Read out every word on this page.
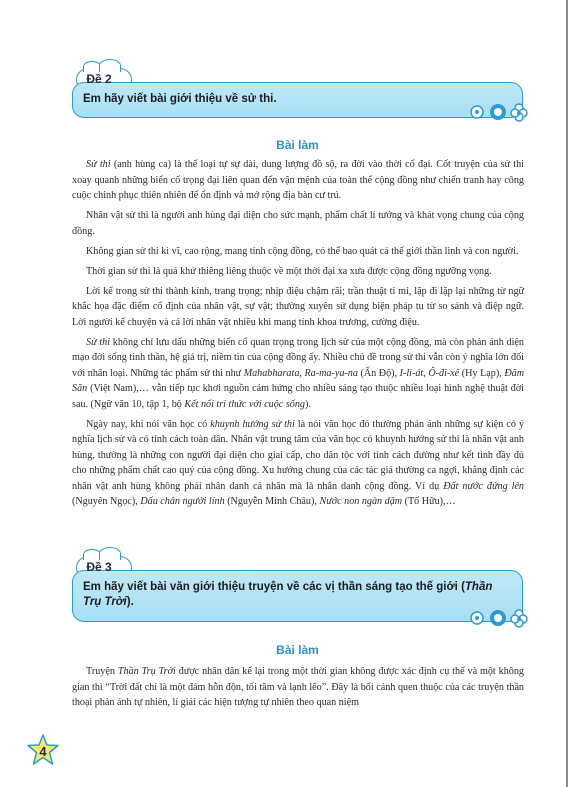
Đề 2
Em hãy viết bài giới thiệu về sử thi.
Bài làm

Sử thi (anh hùng ca) là thể loại tự sự dài, dung lượng đồ sộ, ra đời vào thời cổ đại. Cốt truyện của sử thi xoay quanh những biến cố trọng đại liên quan đến vận mệnh của toàn thể cộng đồng như chiến tranh hay công cuộc chinh phục thiên nhiên để ổn định và mở rộng địa bàn cư trú.

Nhân vật sử thi là người anh hùng đại diện cho sức mạnh, phẩm chất lí tưởng và khát vọng chung của cộng đồng.

Không gian sử thi kì vĩ, cao rộng, mang tính cộng đồng, có thể bao quát cả thế giới thần linh và con người.

Thời gian sử thi là quá khứ thiêng liêng thuộc về một thời đại xa xưa được cộng đồng ngưỡng vọng.

Lời kể trong sử thi thành kính, trang trọng; nhịp điệu chậm rãi; trần thuật tỉ mỉ, lặp đi lặp lại những từ ngữ khắc họa đặc điểm cố định của nhân vật, sự vật; thường xuyên sử dụng biện pháp tu từ so sánh và điệp ngữ. Lời người kể chuyện và cả lời nhân vật nhiều khi mang tính khoa trương, cường điệu.

Sử thi không chỉ lưu dấu những biến cố quan trọng trong lịch sử của một cộng đồng, mà còn phản ánh diện mạo đời sống tinh thần, hệ giá trị, niềm tin của cộng đồng ấy. Nhiều chủ đề trong sử thi vẫn còn ý nghĩa lớn đối với nhân loại. Những tác phẩm sử thi như Mahabharata, Ra-ma-ya-na (Ấn Độ), I-li-át, Ô-đi-xê (Hy Lạp), Đăm Săn (Việt Nam),… vẫn tiếp tục khơi nguồn cảm hứng cho nhiều sáng tạo thuộc nhiều loại hình nghệ thuật đời sau. (Ngữ văn 10, tập 1, bộ Kết nối tri thức với cuộc sống).

Ngày nay, khi nói văn học có khuynh hướng sử thi là nói văn học đó thường phản ánh những sự kiện có ý nghĩa lịch sử và có tính cách toàn dân. Nhân vật trung tâm của văn học có khuynh hướng sử thi là nhân vật anh hùng, thường là những con người đại diện cho giai cấp, cho dân tộc với tính cách đường như kết tinh đầy đủ cho những phẩm chất cao quý của cộng đồng. Xu hướng chung của các tác giả thường ca ngợi, khẳng định các nhân vật anh hùng không phải nhân danh cá nhân mà là nhân danh cộng đồng. Ví dụ Đất nước đứng lên (Nguyên Ngọc), Dấu chân người lính (Nguyễn Minh Châu), Nước non ngàn dặm (Tố Hữu),…

Đề 3
Em hãy viết bài văn giới thiệu truyện về các vị thần sáng tạo thế giới (Thần Trụ Trời).
Bài làm

Truyện Thần Trụ Trời được nhân dân kể lại trong một thời gian không được xác định cụ thể và một không gian thì “Trời đất chỉ là một đám hỗn độn, tối tăm và lạnh lẽo”. Đây là bối cảnh quen thuộc của các truyện thần thoại phản ánh tự nhiên, lí giải các hiện tượng tự nhiên theo quan niệm

4
